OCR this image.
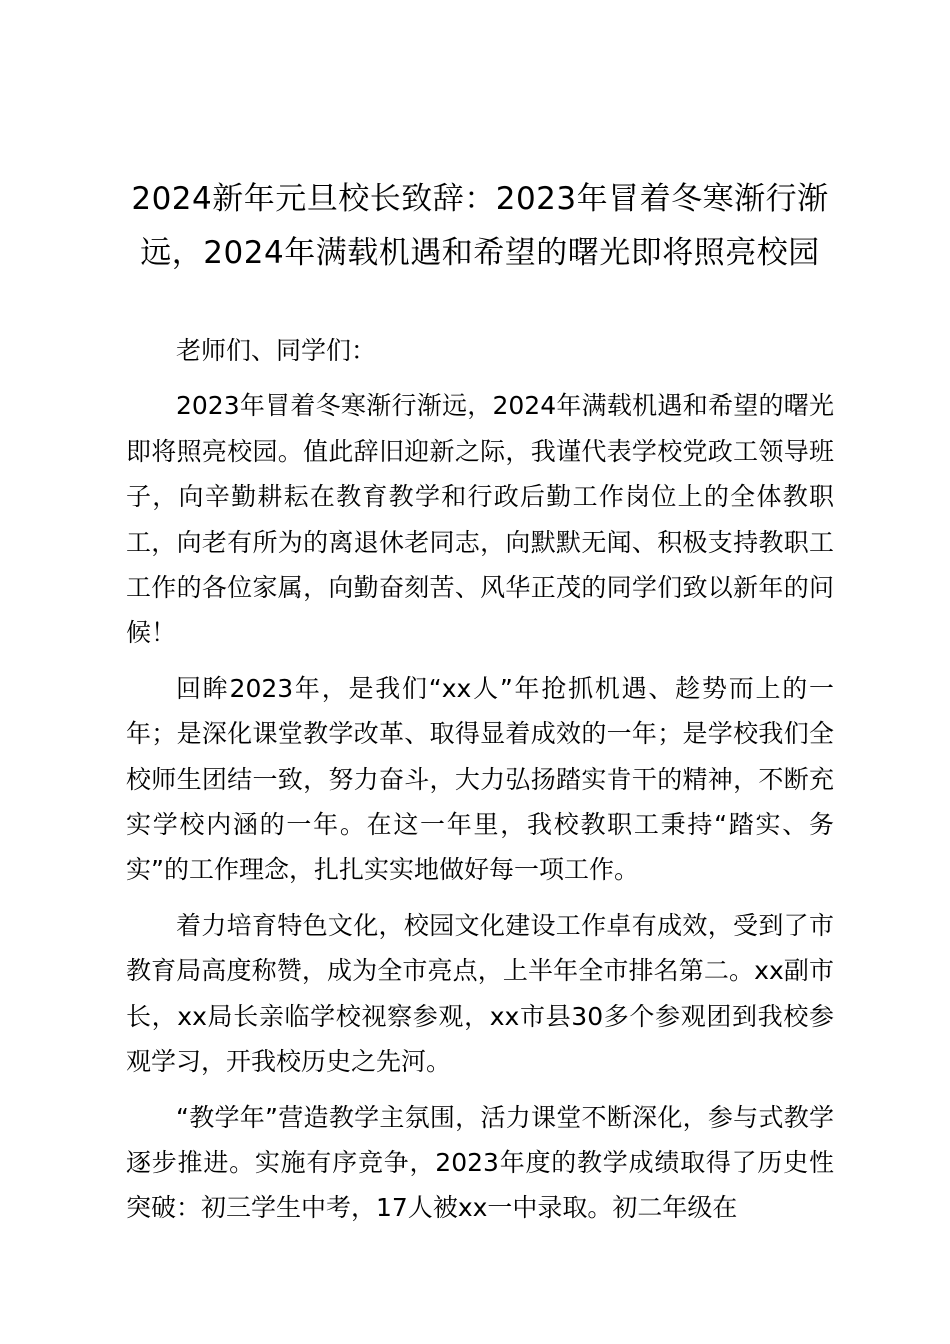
2024新年元旦校长致辞：2023年冒着冬寒渐行渐远，2024年满载机遇和希望的曙光即将照亮校园

老师们、同学们：

2023年冒着冬寒渐行渐远，2024年满载机遇和希望的曙光即将照亮校园。值此辞旧迎新之际，我谨代表学校党政工领导班子，向辛勤耕耘在教育教学和行政后勤工作岗位上的全体教职工，向老有所为的离退休老同志，向默默无闻、积极支持教职工工作的各位家属，向勤奋刻苦、风华正茂的同学们致以新年的问候！

回眸2023年，是我们“xx人”年抢抓机遇、趁势而上的一年；是深化课堂教学改革、取得显着成效的一年；是学校我们全校师生团结一致，努力奋斗，大力弘扬踏实肯干的精神，不断充实学校内涵的一年。在这一年里，我校教职工秉持“踏实、务实”的工作理念，扎扎实实地做好每一项工作。

着力培育特色文化，校园文化建设工作卓有成效，受到了市教育局高度称赞，成为全市亮点，上半年全市排名第二。xx副市长，xx局长亲临学校视察参观，xx市县30多个参观团到我校参观学习，开我校历史之先河。

“教学年”营造教学主氛围，活力课堂不断深化，参与式教学逐步推进。实施有序竞争，2023年度的教学成绩取得了历史性突破：初三学生中考，17人被xx一中录取。初二年级在
